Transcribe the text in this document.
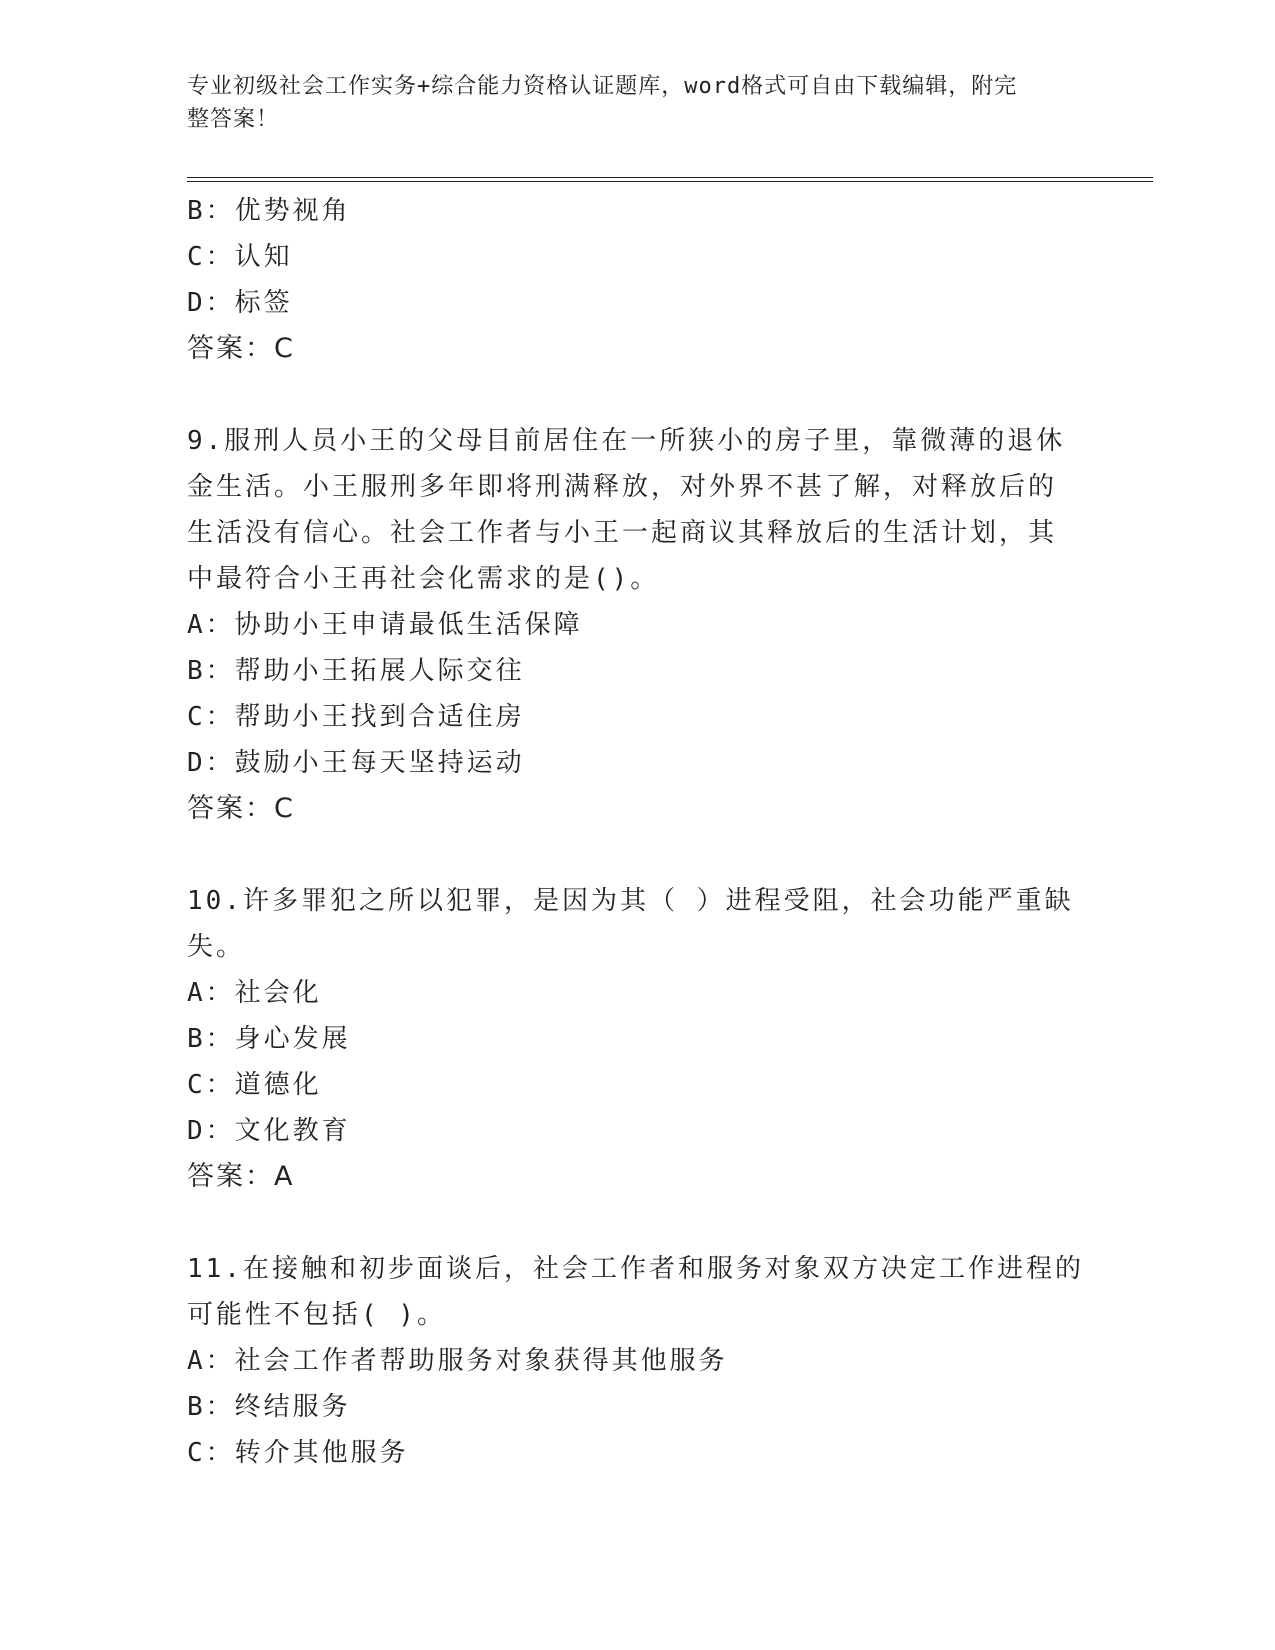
专业初级社会工作实务+综合能力资格认证题库，word格式可自由下载编辑，附完
整答案！
B：优势视角
C：认知
D：标签
答案：C
9.服刑人员小王的父母目前居住在一所狭小的房子里，靠微薄的退休
金生活。小王服刑多年即将刑满释放，对外界不甚了解，对释放后的
生活没有信心。社会工作者与小王一起商议其释放后的生活计划，其
中最符合小王再社会化需求的是()。
A：协助小王申请最低生活保障
B：帮助小王拓展人际交往
C：帮助小王找到合适住房
D：鼓励小王每天坚持运动
答案：C
10.许多罪犯之所以犯罪，是因为其（ ）进程受阻，社会功能严重缺
失。
A：社会化
B：身心发展
C：道德化
D：文化教育
答案：A
11.在接触和初步面谈后，社会工作者和服务对象双方决定工作进程的
可能性不包括( )。
A：社会工作者帮助服务对象获得其他服务
B：终结服务
C：转介其他服务
